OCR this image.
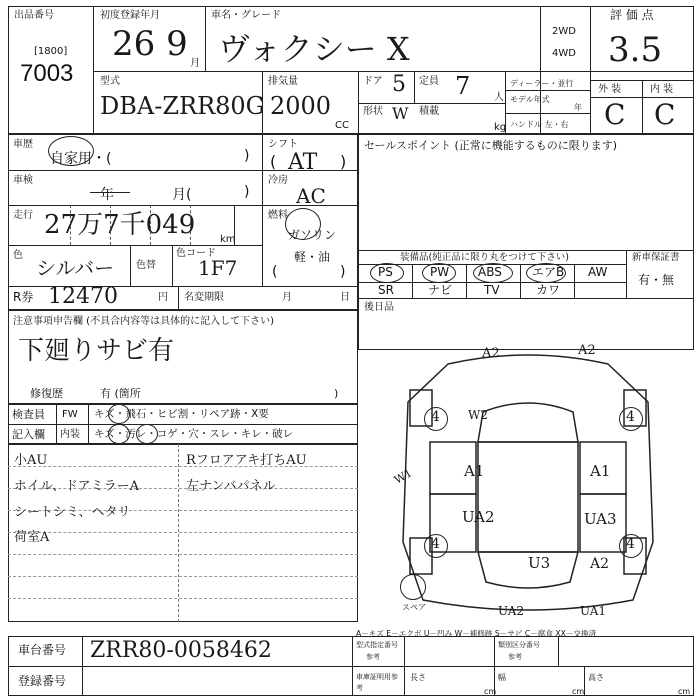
出品番号
[1800]
7003
初度登録年月
26 9 月
車名・グレード
ヴォクシー X	2WD
4WD
評 価 点
3.5
型式
DBA-ZRR80G
排気量
2000
CC
ドア 5 定員 7 人
形状 W 積載
kg
ディーラー・並行
モデル年式
年
ハンドル 左・右
外 装	内 装
C C
車歴
自家用・(	)
車検
年	月(	)
走行 27万7千049 km
色
シルバー 色替
色コード
1F7
シフト
AT
(	)
冷房
AC
燃料
ガソリン
軽・油
(	)
R券 12470	円 名変期限	月	日
注意事項申告欄 (不具合内容等は具体的に記入して下さい)
下廻りサビ有
修復歴	有 (箇所	)
検査員
記入欄
FW キズ・飛石・ヒビ割・リペア跡・X要
内装 キズ・汚レ・コゲ・穴・スレ・キレ・破レ
セールスポイント (正常に機能するものに限ります)
装備品(純正品に限り丸をつけて下さい)	新車保証書
有・無
PS	PW ABS	エアB AW
SR	ナビ	TV	カワ
後日品
小AU
ホイル、ドアミラーA
シートシミ、ヘタリ
荷室A
Rフロアアキ打ちAU
左ナンバパネル
A2	A2
W2
A1	A1
UA2	UA3
U3	A2
UA2	UA1
4	4
4	4
W1
スペア
A－キズ E－エクボ U－凹み W－補修跡 S－サビ C－腐食 XX－交換済
車台番号 ZRR80-0058462
登録番号
型式指定番号
参考
類別区分番号
参考
車庫証明用参考
長さ
cm
幅
cm
高さ
cm
